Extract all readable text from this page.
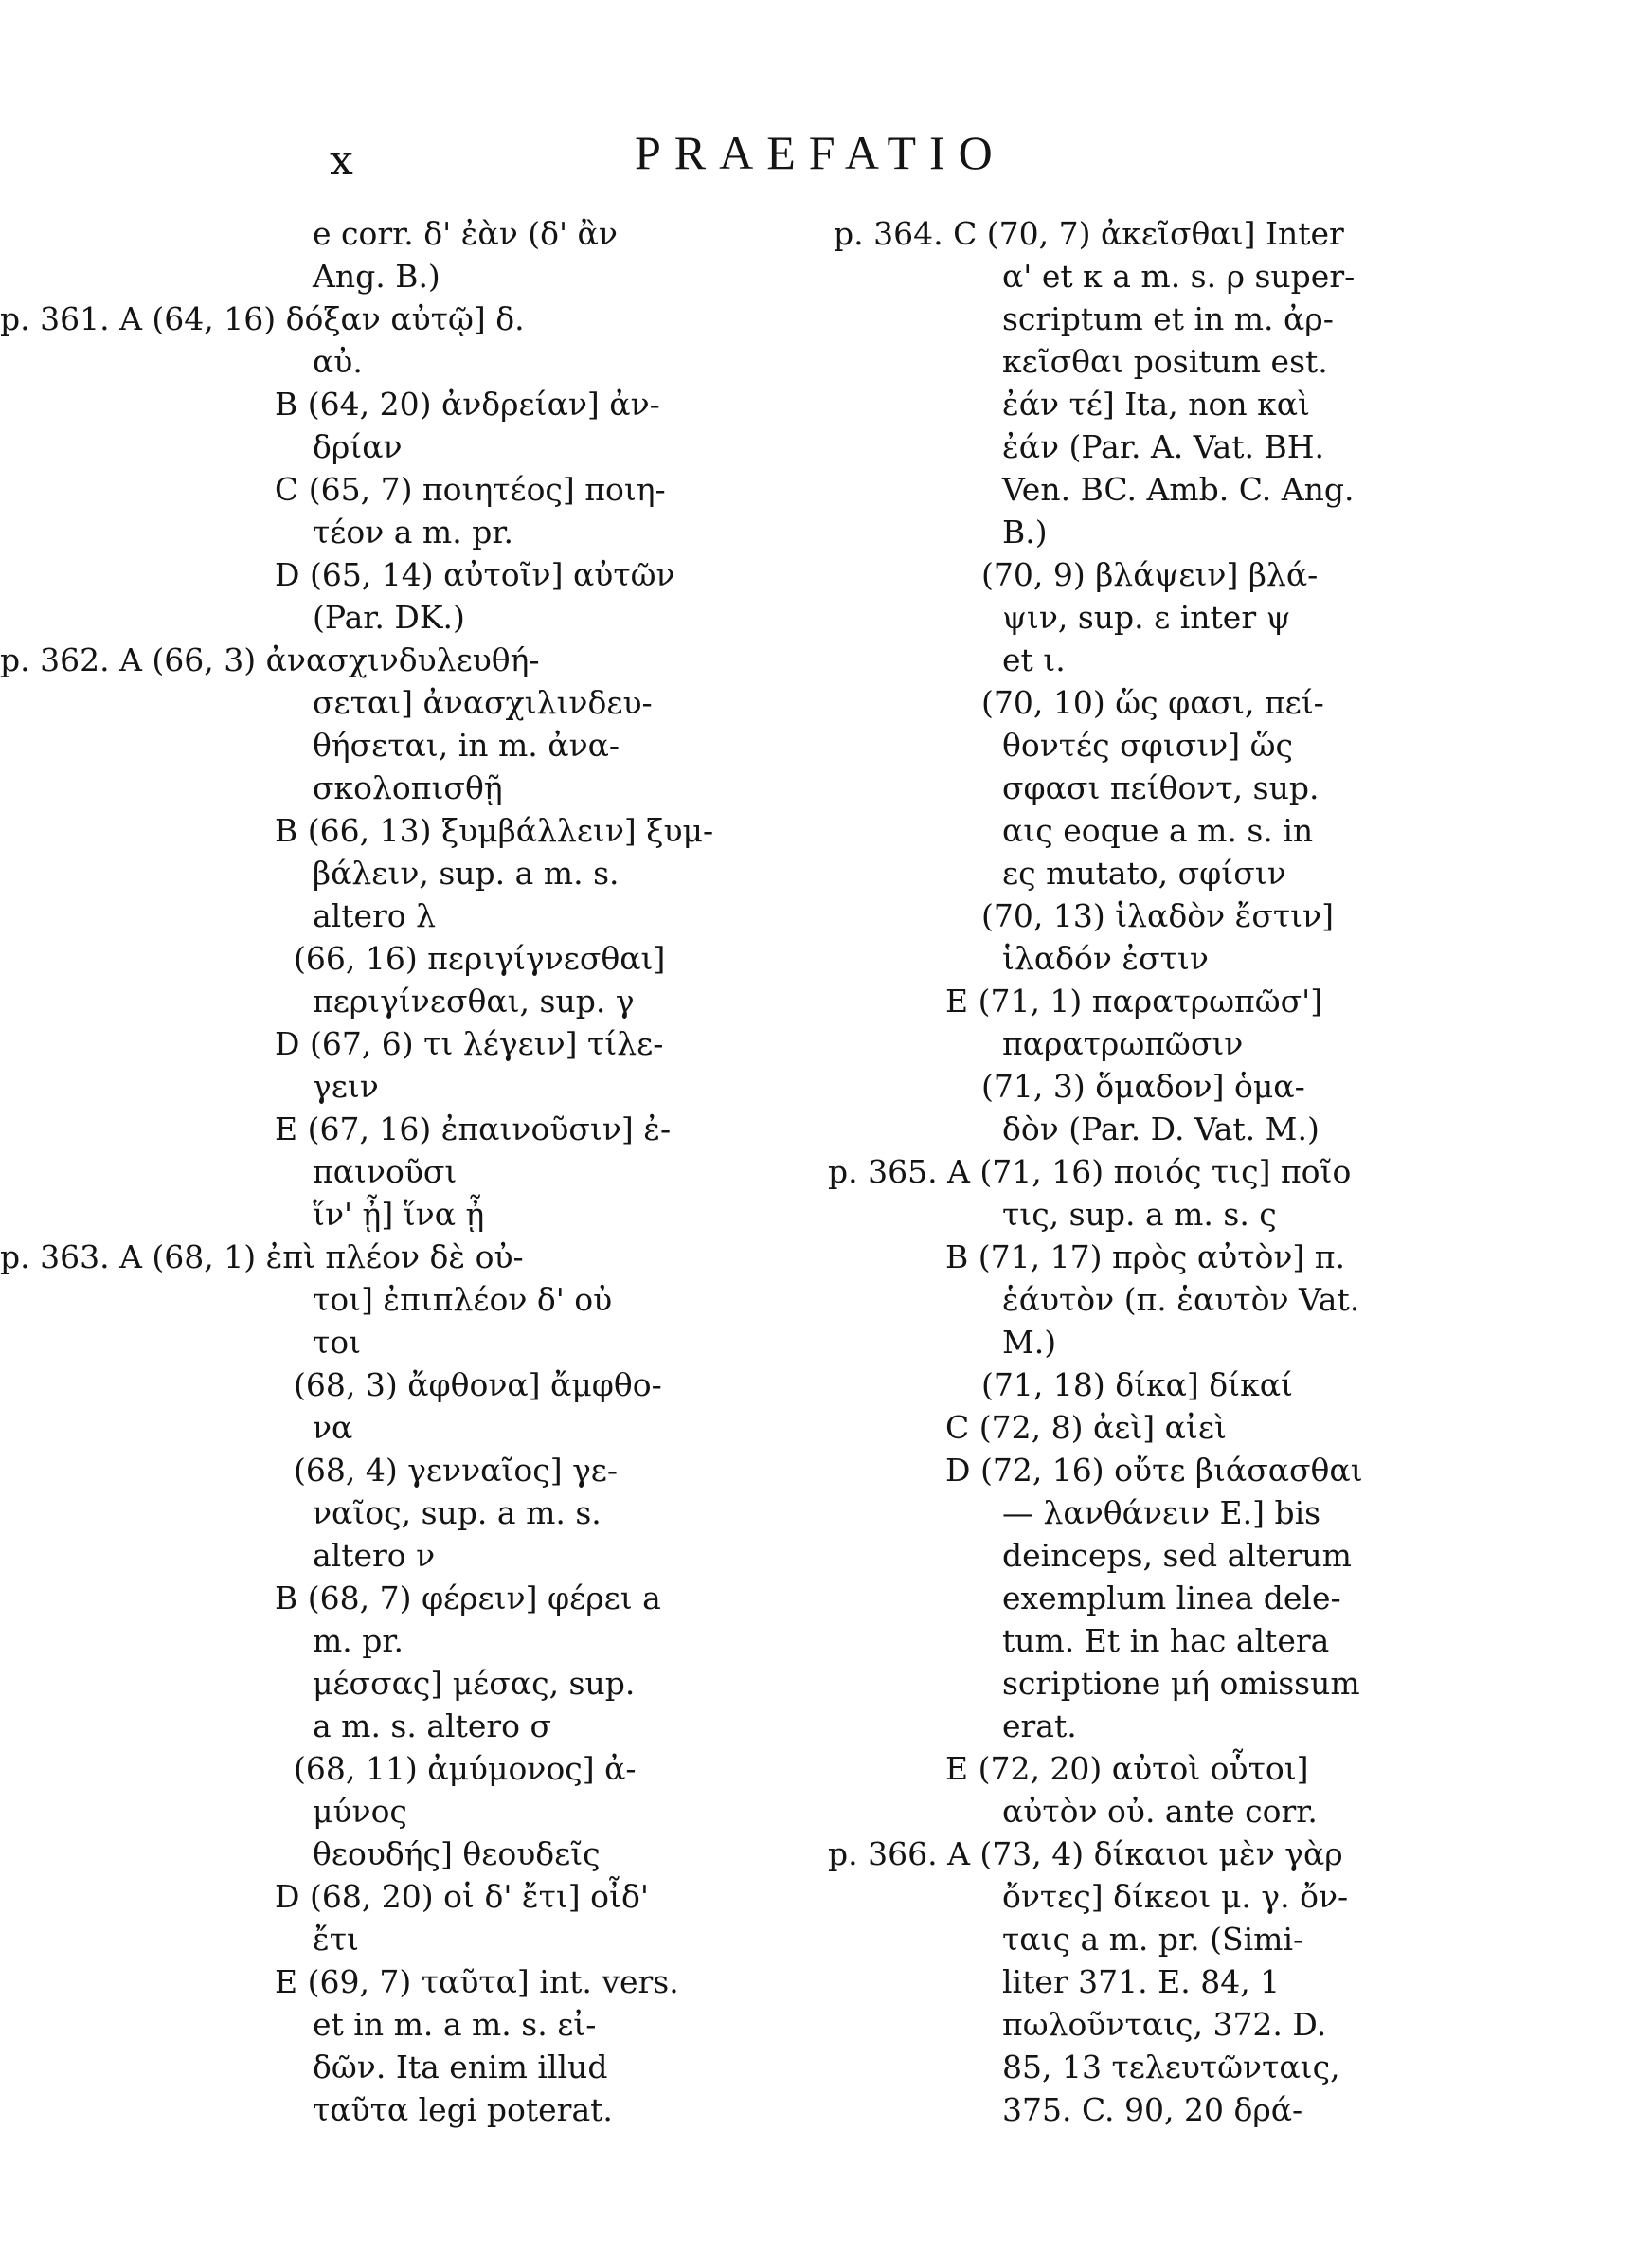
x	PRAEFATIO
e corr. δ' ἐὰν (δ' ἂν
Ang. B.)
p. 361. A (64, 16) δόξαν αὐτῷ] δ.
αὐ.
B (64, 20) ἀνδρείαν] ἀν-
δρίαν
C (65, 7) ποιητέος] ποιη-
τέον a m. pr.
D (65, 14) αὐτοῖν] αὐτῶν
(Par. DK.)
p. 362. A (66, 3) ἀνασχινδυλευθή-
σεται] ἀνασχιλινδευ-
θήσεται, in m. ἀνα-
σκολοπισθῇ
B (66, 13) ξυμβάλλειν] ξυμ-
βάλειν, sup. a m. s.
altero λ
(66, 16) περιγίγνεσθαι]
περιγίνεσθαι, sup. γ
D (67, 6) τι λέγειν] τίλε-
γειν
E (67, 16) ἐπαινοῦσιν] ἐ-
παινοῦσι
ἵν' ᾖ] ἵνα ᾖ
p. 363. A (68, 1) ἐπὶ πλέον δὲ οὐ-
τοι] ἐπιπλέον δ' οὐ
τοι
(68, 3) ἄφθονα] ἄμφθο-
να
(68, 4) γενναῖος] γε-
ναῖος, sup. a m. s.
altero ν
B (68, 7) φέρειν] φέρει a
m. pr.
μέσσας] μέσας, sup.
a m. s. altero σ
(68, 11) ἀμύμονος] ἀ-
μύνος
θεουδής] θεουδεῖς
D (68, 20) οἱ δ' ἔτι] οἶδ'
ἔτι
E (69, 7) ταῦτα] int. vers.
et in m. a m. s. εἰ-
δῶν. Ita enim illud
ταῦτα legi poterat.
p. 364. C (70, 7) ἀκεῖσθαι] Inter
α' et κ a m. s. ρ super-
scriptum et in m. ἀρ-
κεῖσθαι positum est.
ἐάν τέ] Ita, non καὶ
ἐάν (Par. A. Vat. BH.
Ven. BC. Amb. C. Ang.
B.)
(70, 9) βλάψειν] βλά-
ψιν, sup. ε inter ψ
et ι.
(70, 10) ὥς φασι, πεί-
θοντές σφισιν] ὥς
σφασι πείθοντ, sup.
αις eoque a m. s. in
ες mutato, σφίσιν
(70, 13) ἱλαδὸν ἔστιν]
ἱλαδόν ἐστιν
E (71, 1) παρατρωπῶσ']
παρατρωπῶσιν
(71, 3) ὅμαδον] ὁμα-
δὸν (Par. D. Vat. M.)
p. 365. A (71, 16) ποιός τις] ποῖο
τις, sup. a m. s. ς
B (71, 17) πρὸς αὐτὸν] π.
ἑάυτὸν (π. ἑαυτὸν Vat.
M.)
(71, 18) δίκα] δίκαί
C (72, 8) ἀεὶ] αἰεὶ
D (72, 16) οὔτε βιάσασθαι
— λανθάνειν E.] bis
deinceps, sed alterum
exemplum linea dele-
tum. Et in hac altera
scriptione μή omissum
erat.
E (72, 20) αὐτοὶ οὗτοι]
αὐτὸν οὐ. ante corr.
p. 366. A (73, 4) δίκαιοι μὲν γὰρ
ὄντες] δίκεοι μ. γ. ὄν-
ταις a m. pr. (Simi-
liter 371. E. 84, 1
πωλοῦνταις, 372. D.
85, 13 τελευτῶνταις,
375. C. 90, 20 δρά-
